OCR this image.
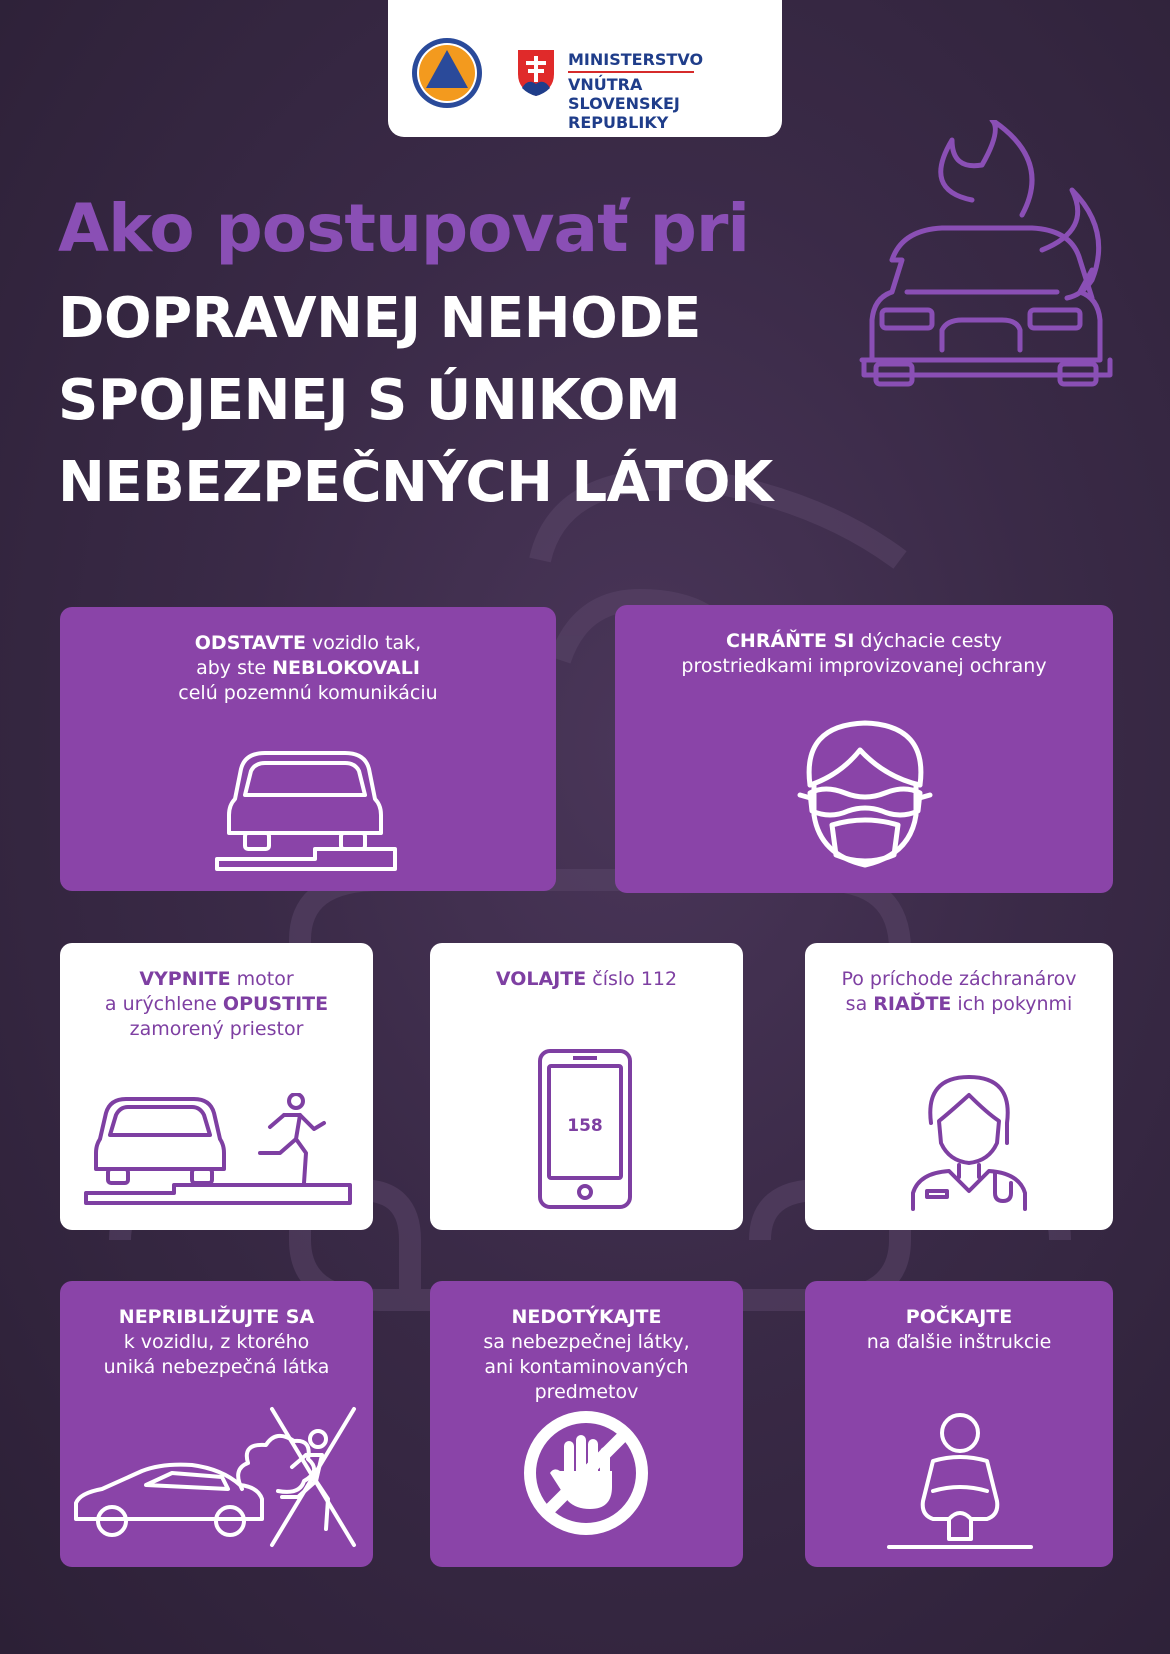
MINISTERSTVO
VNÚTRA
SLOVENSKEJ REPUBLIKY
Ako postupovať pri
DOPRAVNEJ NEHODE
SPOJENEJ S ÚNIKOM
NEBEZPEČNÝCH LÁTOK
ODSTAVTE vozidlo tak,
aby ste NEBLOKOVALI
celú pozemnú komunikáciu
CHRÁŇTE SI dýchacie cesty
prostriedkami improvizovanej ochrany
VYPNITE motor
a urýchlene OPUSTITE
zamorený priestor
VOLAJTE číslo 112
158
Po príchode záchranárov
sa RIAĎTE ich pokynmi
NEPRIBLIŽUJTE SA
k vozidlu, z ktorého
uniká nebezpečná látka
NEDOTÝKAJTE
sa nebezpečnej látky,
ani kontaminovaných
predmetov
POČKAJTE
na ďalšie inštrukcie
